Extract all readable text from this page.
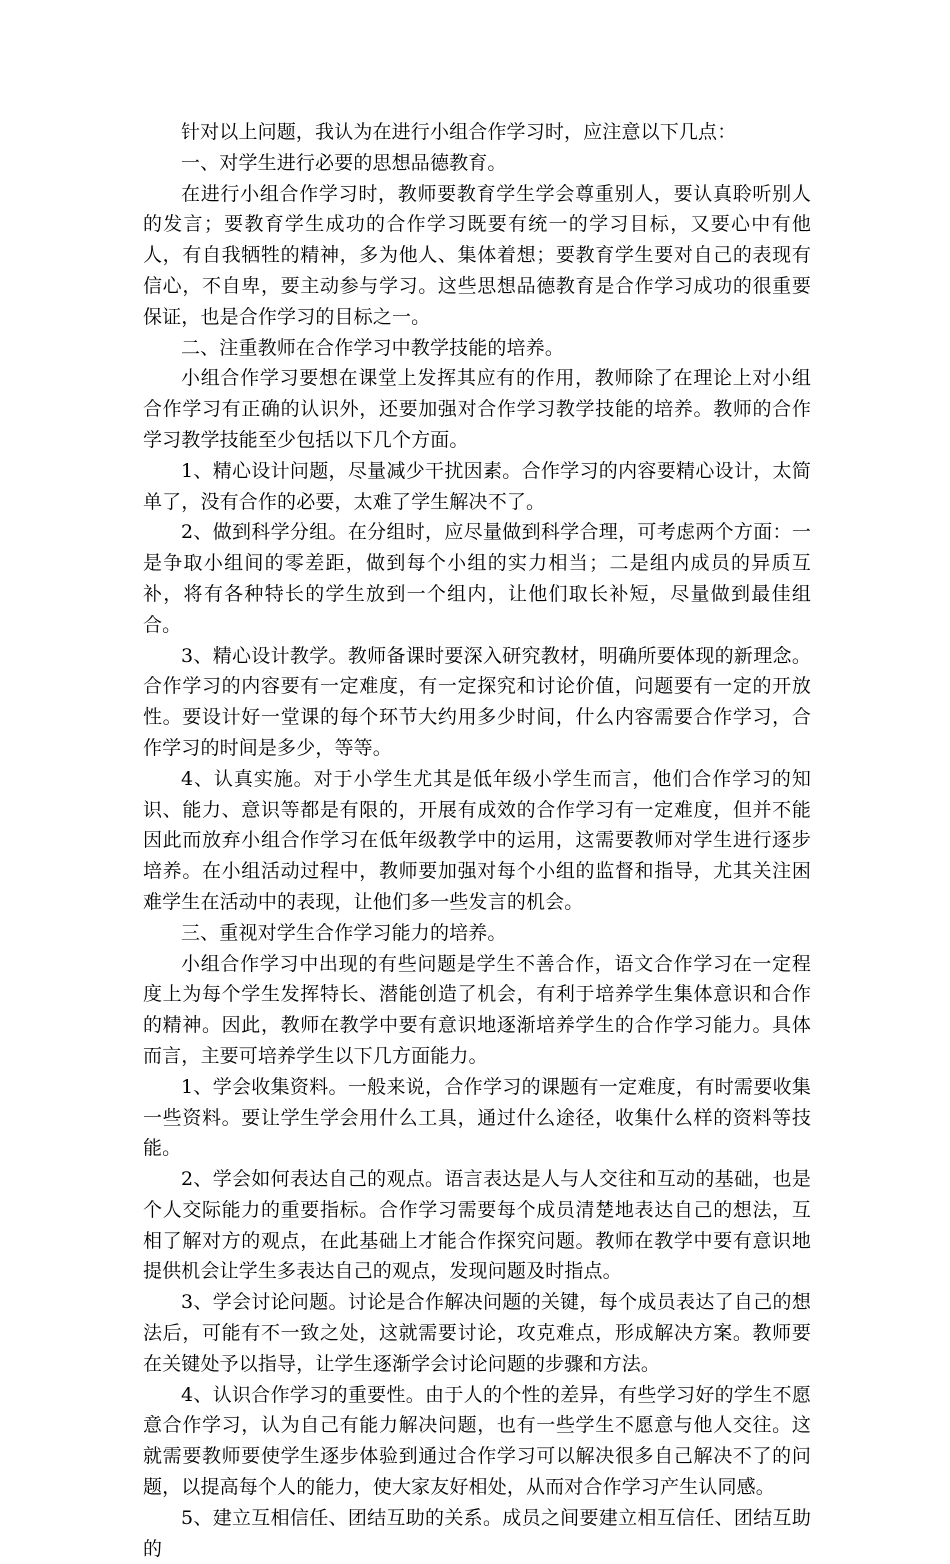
针对以上问题，我认为在进行小组合作学习时，应注意以下几点：

一、对学生进行必要的思想品德教育。

在进行小组合作学习时，教师要教育学生学会尊重别人，要认真聆听别人的发言；要教育学生成功的合作学习既要有统一的学习目标，又要心中有他人，有自我牺牲的精神，多为他人、集体着想；要教育学生要对自己的表现有信心，不自卑，要主动参与学习。这些思想品德教育是合作学习成功的很重要保证，也是合作学习的目标之一。

二、注重教师在合作学习中教学技能的培养。

小组合作学习要想在课堂上发挥其应有的作用，教师除了在理论上对小组合作学习有正确的认识外，还要加强对合作学习教学技能的培养。教师的合作学习教学技能至少包括以下几个方面。

1、精心设计问题，尽量减少干扰因素。合作学习的内容要精心设计，太简单了，没有合作的必要，太难了学生解决不了。

2、做到科学分组。在分组时，应尽量做到科学合理，可考虑两个方面：一是争取小组间的零差距，做到每个小组的实力相当；二是组内成员的异质互补，将有各种特长的学生放到一个组内，让他们取长补短，尽量做到最佳组合。

3、精心设计教学。教师备课时要深入研究教材，明确所要体现的新理念。合作学习的内容要有一定难度，有一定探究和讨论价值，问题要有一定的开放性。要设计好一堂课的每个环节大约用多少时间，什么内容需要合作学习，合作学习的时间是多少，等等。

4、认真实施。对于小学生尤其是低年级小学生而言，他们合作学习的知识、能力、意识等都是有限的，开展有成效的合作学习有一定难度，但并不能因此而放弃小组合作学习在低年级教学中的运用，这需要教师对学生进行逐步培养。在小组活动过程中，教师要加强对每个小组的监督和指导，尤其关注困难学生在活动中的表现，让他们多一些发言的机会。

三、重视对学生合作学习能力的培养。

小组合作学习中出现的有些问题是学生不善合作，语文合作学习在一定程度上为每个学生发挥特长、潜能创造了机会，有利于培养学生集体意识和合作的精神。因此，教师在教学中要有意识地逐渐培养学生的合作学习能力。具体而言，主要可培养学生以下几方面能力。

1、学会收集资料。一般来说，合作学习的课题有一定难度，有时需要收集一些资料。要让学生学会用什么工具，通过什么途径，收集什么样的资料等技能。

2、学会如何表达自己的观点。语言表达是人与人交往和互动的基础，也是个人交际能力的重要指标。合作学习需要每个成员清楚地表达自己的想法，互相了解对方的观点，在此基础上才能合作探究问题。教师在教学中要有意识地提供机会让学生多表达自己的观点，发现问题及时指点。

3、学会讨论问题。讨论是合作解决问题的关键，每个成员表达了自己的想法后，可能有不一致之处，这就需要讨论，攻克难点，形成解决方案。教师要在关键处予以指导，让学生逐渐学会讨论问题的步骤和方法。

4、认识合作学习的重要性。由于人的个性的差异，有些学习好的学生不愿意合作学习，认为自己有能力解决问题，也有一些学生不愿意与他人交往。这就需要教师要使学生逐步体验到通过合作学习可以解决很多自己解决不了的问题，以提高每个人的能力，使大家友好相处，从而对合作学习产生认同感。

5、建立互相信任、团结互助的关系。成员之间要建立相互信任、团结互助的
